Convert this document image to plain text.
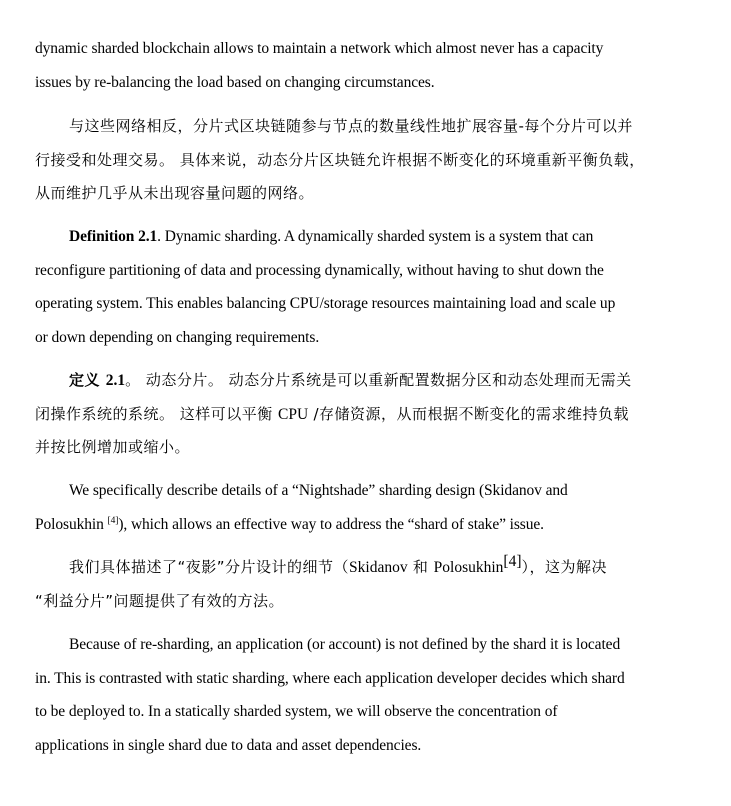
dynamic sharded blockchain allows to maintain a network which almost never has a capacity
issues by re-balancing the load based on changing circumstances.

与这些网络相反，分片式区块链随参与节点的数量线性地扩展容量-每个分片可以并
行接受和处理交易。 具体来说，动态分片区块链允许根据不断变化的环境重新平衡负载，
从而维护几乎从未出现容量问题的网络。

Definition 2.1. Dynamic sharding. A dynamically sharded system is a system that can
reconfigure partitioning of data and processing dynamically, without having to shut down the
operating system. This enables balancing CPU/storage resources maintaining load and scale up
or down depending on changing requirements.

定义 2.1。 动态分片。 动态分片系统是可以重新配置数据分区和动态处理而无需关
闭操作系统的系统。 这样可以平衡 CPU /存储资源，从而根据不断变化的需求维持负载
并按比例增加或缩小。

We specifically describe details of a “Nightshade” sharding design (Skidanov and
Polosukhin [4]), which allows an effective way to address the “shard of stake” issue.

我们具体描述了“夜影”分片设计的细节（Skidanov 和 Polosukhin[4]），这为解决
“利益分片”问题提供了有效的方法。

Because of re-sharding, an application (or account) is not defined by the shard it is located
in. This is contrasted with static sharding, where each application developer decides which shard
to be deployed to. In a statically sharded system, we will observe the concentration of
applications in single shard due to data and asset dependencies.
